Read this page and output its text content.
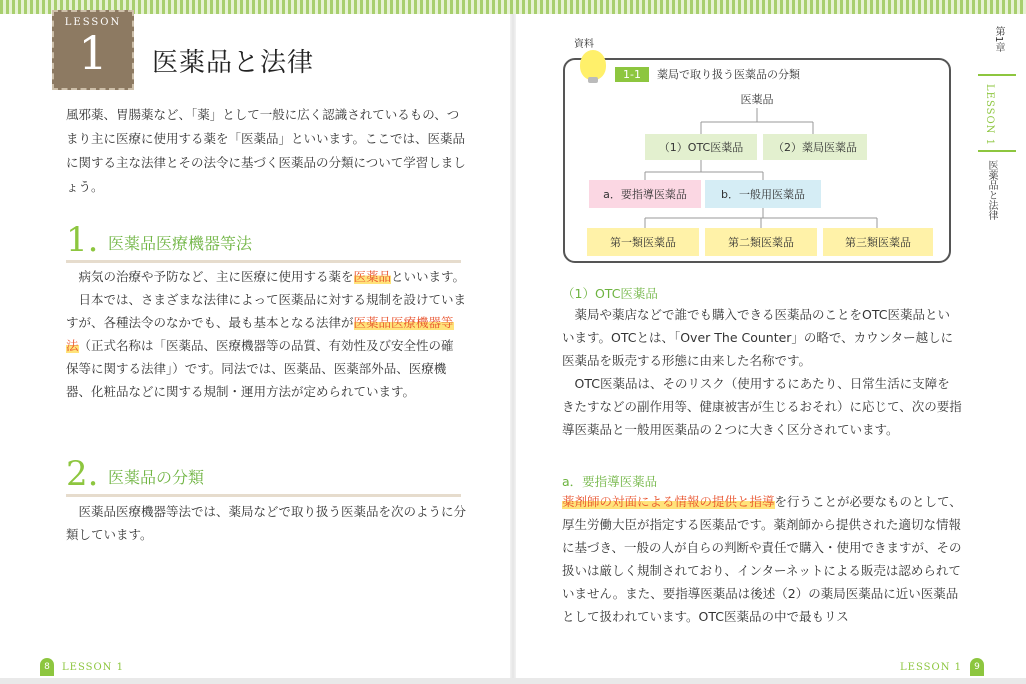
LESSON
1	医薬品と法律

風邪薬、胃腸薬など、「薬」として一般に広く認識されているもの、つまり主に医療に使用する薬を「医薬品」といいます。ここでは、医薬品に関する主な法律とその法令に基づく医薬品の分類について学習しましょう。

1. 医薬品医療機器等法

病気の治療や予防など、主に医療に使用する薬を医薬品といいます。

日本では、さまざまな法律によって医薬品に対する規制を設けていますが、各種法令のなかでも、最も基本となる法律が医薬品医療機器等法（正式名称は「医薬品、医療機器等の品質、有効性及び安全性の確保等に関する法律」）です。同法では、医薬品、医薬部外品、医療機器、化粧品などに関する規制・運用方法が定められています。

2. 医薬品の分類

医薬品医療機器等法では、薬局などで取り扱う医薬品を次のように分類しています。

8	LESSON 1
資料
1-1	薬局で取り扱う医薬品の分類
医薬品
（1）OTC医薬品	（2）薬局医薬品
a．要指導医薬品	b．一般用医薬品
第一類医薬品	第二類医薬品	第三類医薬品
（1）OTC医薬品

薬局や薬店などで誰でも購入できる医薬品のことをOTC医薬品といいます。OTCとは、「Over The Counter」の略で、カウンター越しに医薬品を販売する形態に由来した名称です。

OTC医薬品は、そのリスク（使用するにあたり、日常生活に支障をきたすなどの副作用等、健康被害が生じるおそれ）に応じて、次の要指導医薬品と一般用医薬品の２つに大きく区分されています。

a．要指導医薬品

薬剤師の対面による情報の提供と指導を行うことが必要なものとして、厚生労働大臣が指定する医薬品です。薬剤師から提供された適切な情報に基づき、一般の人が自らの判断や責任で購入・使用できますが、その扱いは厳しく規制されており、インターネットによる販売は認められていません。また、要指導医薬品は後述（2）の薬局医薬品に近い医薬品として扱われています。OTC医薬品の中で最もリス

LESSON 1	9
第1章
LESSON 1
医薬品と法律
